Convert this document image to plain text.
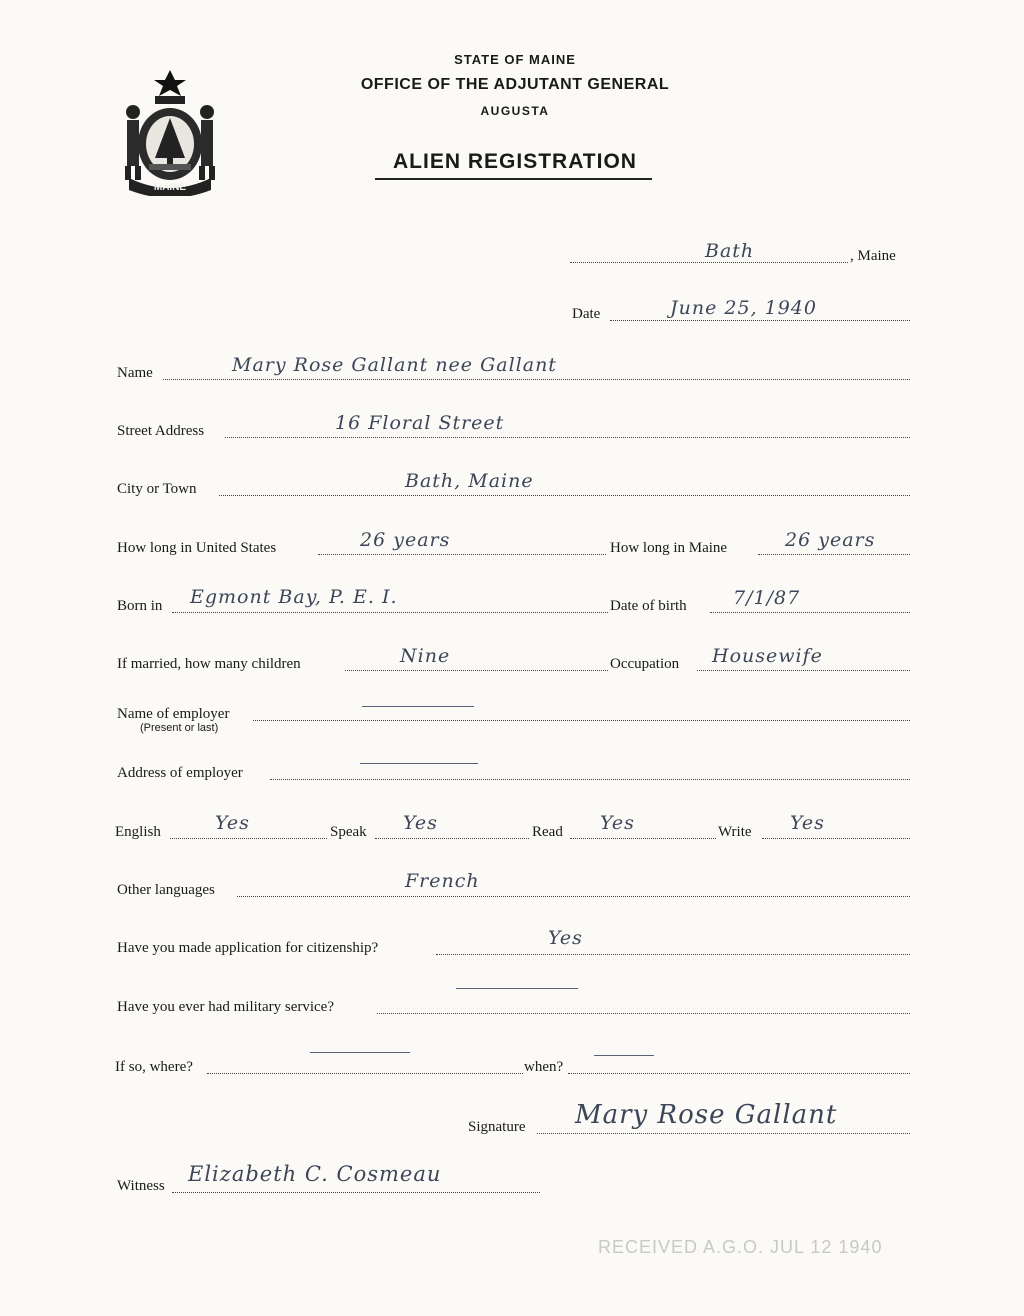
MAINE
STATE OF MAINE
OFFICE OF THE ADJUTANT GENERAL
AUGUSTA
ALIEN REGISTRATION
Bath	, Maine
Date	June 25, 1940
Name	Mary Rose Gallant nee Gallant
Street Address	16 Floral Street
City or Town	Bath, Maine
How long in United States	26 years	How long in Maine	26 years
Born in Egmont Bay, P. E. I.	Date of birth 7/1/87
If married, how many children	Nine	Occupation Housewife
Name of employer
(Present or last)
Address of employer
English	Yes	Speak Yes	Read Yes	Write Yes
Other languages	French
Have you made application for citizenship?	Yes
Have you ever had military service?
If so, where?	when?
Signature Mary Rose Gallant
Witness Elizabeth C. Cosmeau
RECEIVED A.G.O. JUL 12 1940
